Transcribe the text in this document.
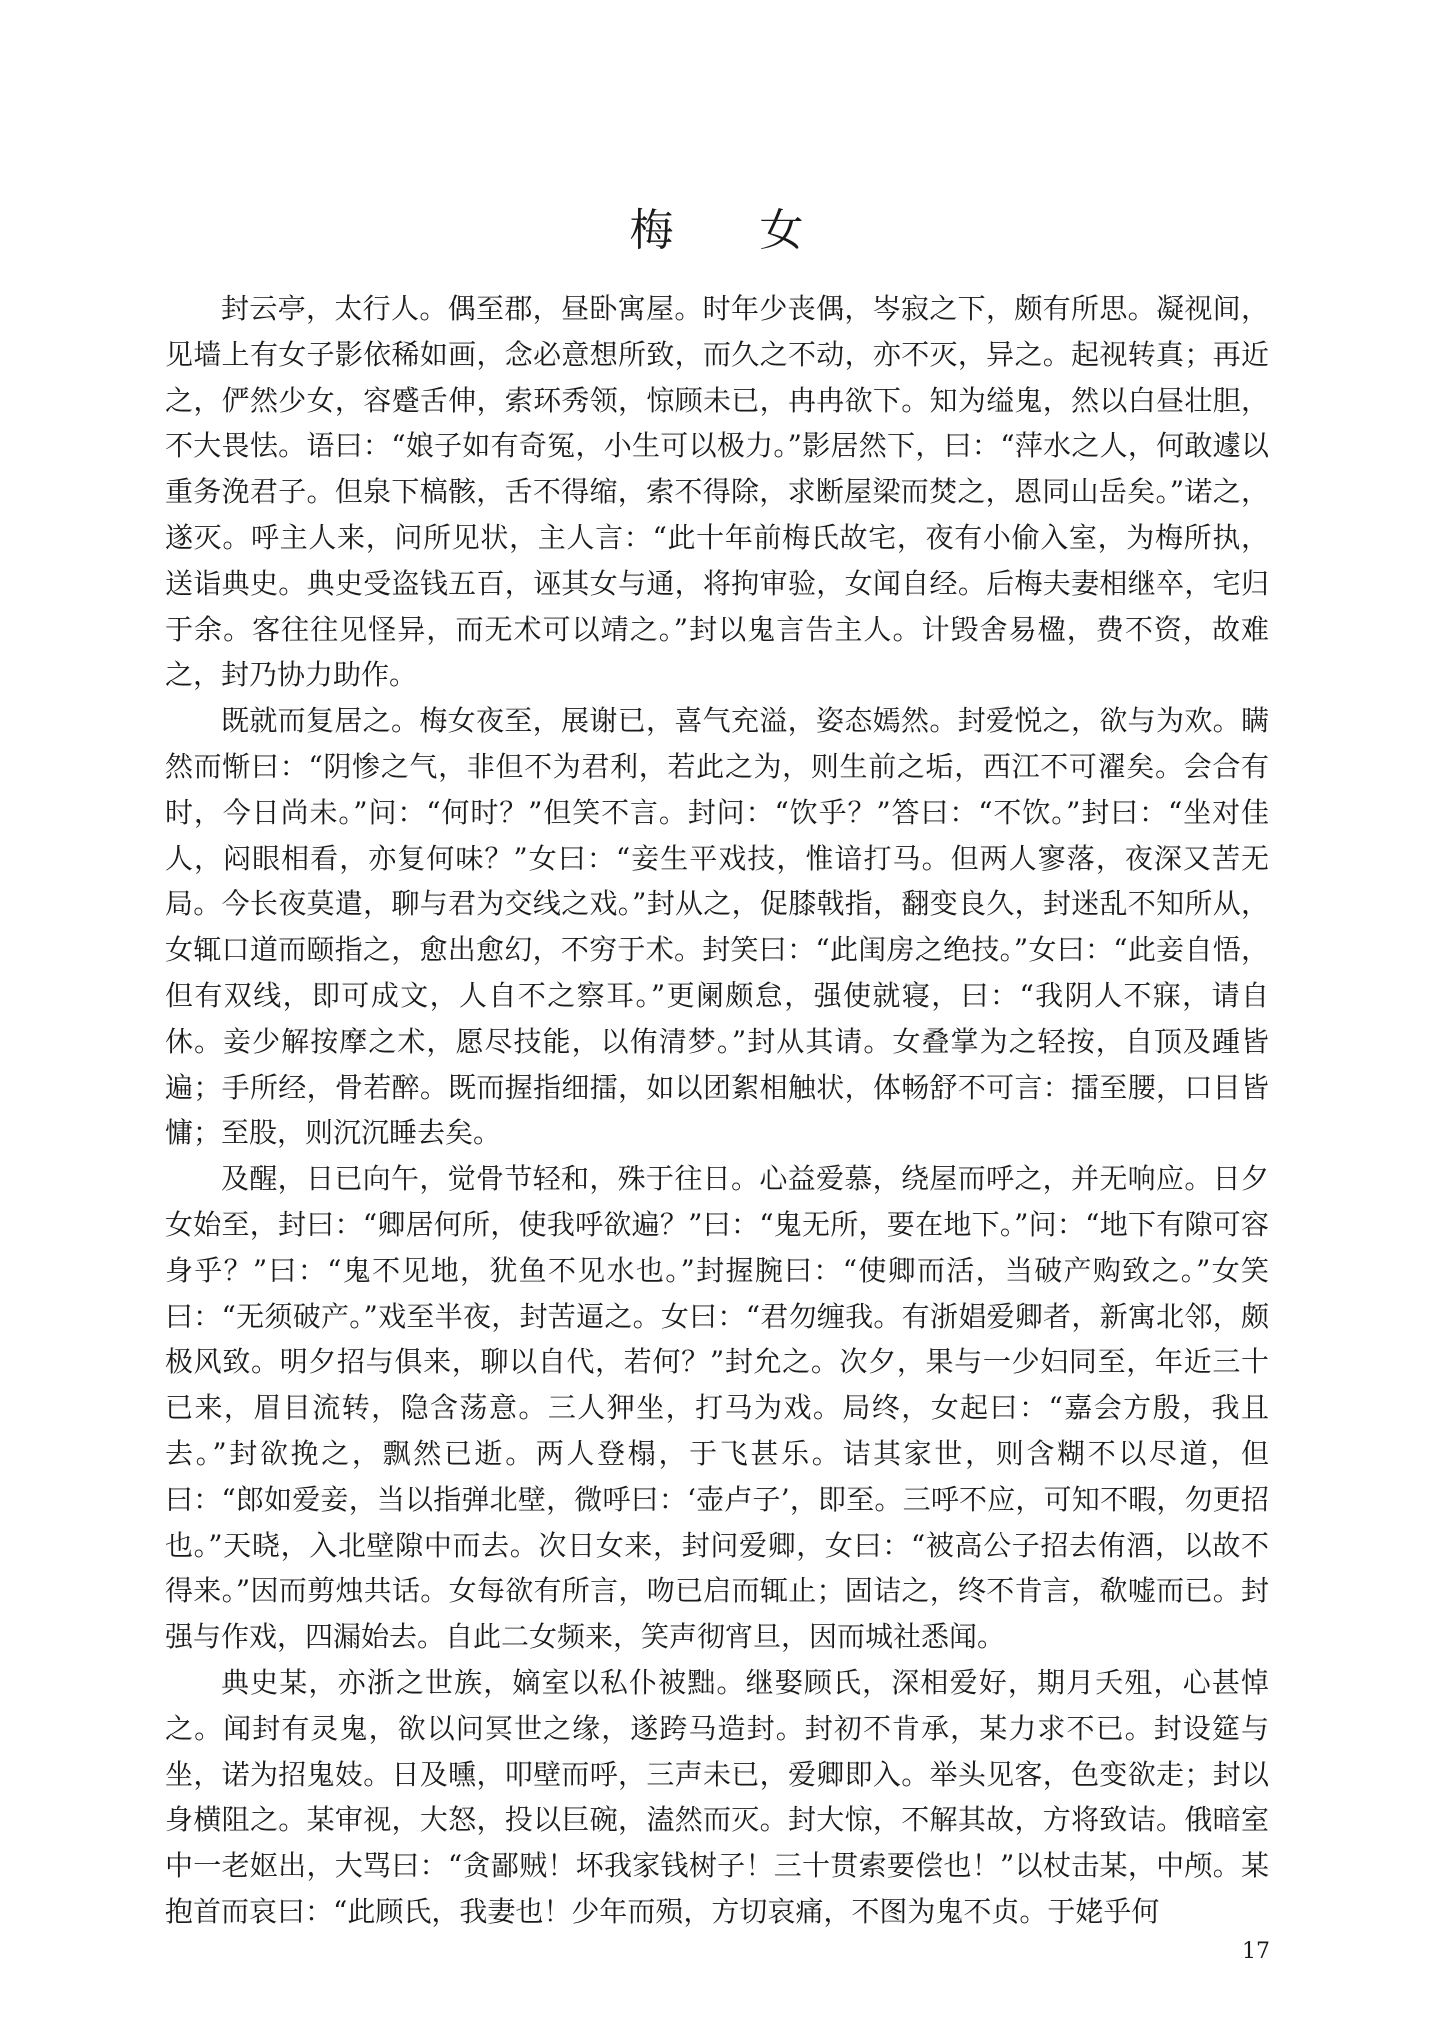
梅 女

封云亭，太行人。偶至郡，昼卧寓屋。时年少丧偶，岑寂之下，颇有所思。凝视间，见墙上有女子影依稀如画，念必意想所致，而久之不动，亦不灭，异之。起视转真；再近之，俨然少女，容蹙舌伸，索环秀领，惊顾未已，冉冉欲下。知为缢鬼，然以白昼壮胆，不大畏怯。语曰：“娘子如有奇冤，小生可以极力。”影居然下，曰：“萍水之人，何敢遽以重务浼君子。但泉下槁骸，舌不得缩，索不得除，求断屋梁而焚之，恩同山岳矣。”诺之，遂灭。呼主人来，问所见状，主人言：“此十年前梅氏故宅，夜有小偷入室，为梅所执，送诣典史。典史受盗钱五百，诬其女与通，将拘审验，女闻自经。后梅夫妻相继卒，宅归于余。客往往见怪异，而无术可以靖之。”封以鬼言告主人。计毁舍易楹，费不资，故难之，封乃协力助作。

既就而复居之。梅女夜至，展谢已，喜气充溢，姿态嫣然。封爱悦之，欲与为欢。瞒然而惭曰：“阴惨之气，非但不为君利，若此之为，则生前之垢，西江不可濯矣。会合有时，今日尚未。”问：“何时？”但笑不言。封问：“饮乎？”答曰：“不饮。”封曰：“坐对佳人，闷眼相看，亦复何味？”女曰：“妾生平戏技，惟谙打马。但两人寥落，夜深又苦无局。今长夜莫遣，聊与君为交线之戏。”封从之，促膝戟指，翻变良久，封迷乱不知所从，女辄口道而颐指之，愈出愈幻，不穷于术。封笑曰：“此闺房之绝技。”女曰：“此妾自悟，但有双线，即可成文，人自不之察耳。”更阑颇怠，强使就寝，曰：“我阴人不寐，请自休。妾少解按摩之术，愿尽技能，以侑清梦。”封从其请。女叠掌为之轻按，自顶及踵皆遍；手所经，骨若醉。既而握指细擂，如以团絮相触状，体畅舒不可言：擂至腰，口目皆慵；至股，则沉沉睡去矣。

及醒，日已向午，觉骨节轻和，殊于往日。心益爱慕，绕屋而呼之，并无响应。日夕女始至，封曰：“卿居何所，使我呼欲遍？”曰：“鬼无所，要在地下。”问：“地下有隙可容身乎？”曰：“鬼不见地，犹鱼不见水也。”封握腕曰：“使卿而活，当破产购致之。”女笑曰：“无须破产。”戏至半夜，封苦逼之。女曰：“君勿缠我。有浙娼爱卿者，新寓北邻，颇极风致。明夕招与俱来，聊以自代，若何？”封允之。次夕，果与一少妇同至，年近三十已来，眉目流转，隐含荡意。三人狎坐，打马为戏。局终，女起曰：“嘉会方殷，我且去。”封欲挽之，飘然已逝。两人登榻，于飞甚乐。诘其家世，则含糊不以尽道，但曰：“郎如爱妾，当以指弹北壁，微呼曰：‘壶卢子’，即至。三呼不应，可知不暇，勿更招也。”天晓，入北壁隙中而去。次日女来，封问爱卿，女曰：“被高公子招去侑酒，以故不得来。”因而剪烛共话。女每欲有所言，吻已启而辄止；固诘之，终不肯言，欷嘘而已。封强与作戏，四漏始去。自此二女频来，笑声彻宵旦，因而城社悉闻。

典史某，亦浙之世族，嫡室以私仆被黜。继娶顾氏，深相爱好，期月夭殂，心甚悼之。闻封有灵鬼，欲以问冥世之缘，遂跨马造封。封初不肯承，某力求不已。封设筵与坐，诺为招鬼妓。日及曛，叩壁而呼，三声未已，爱卿即入。举头见客，色变欲走；封以身横阻之。某审视，大怒，投以巨碗，溘然而灭。封大惊，不解其故，方将致诘。俄暗室中一老妪出，大骂曰：“贪鄙贼！坏我家钱树子！三十贯索要偿也！”以杖击某，中颅。某抱首而哀曰：“此顾氏，我妻也！少年而殒，方切哀痛，不图为鬼不贞。于姥乎何

17
